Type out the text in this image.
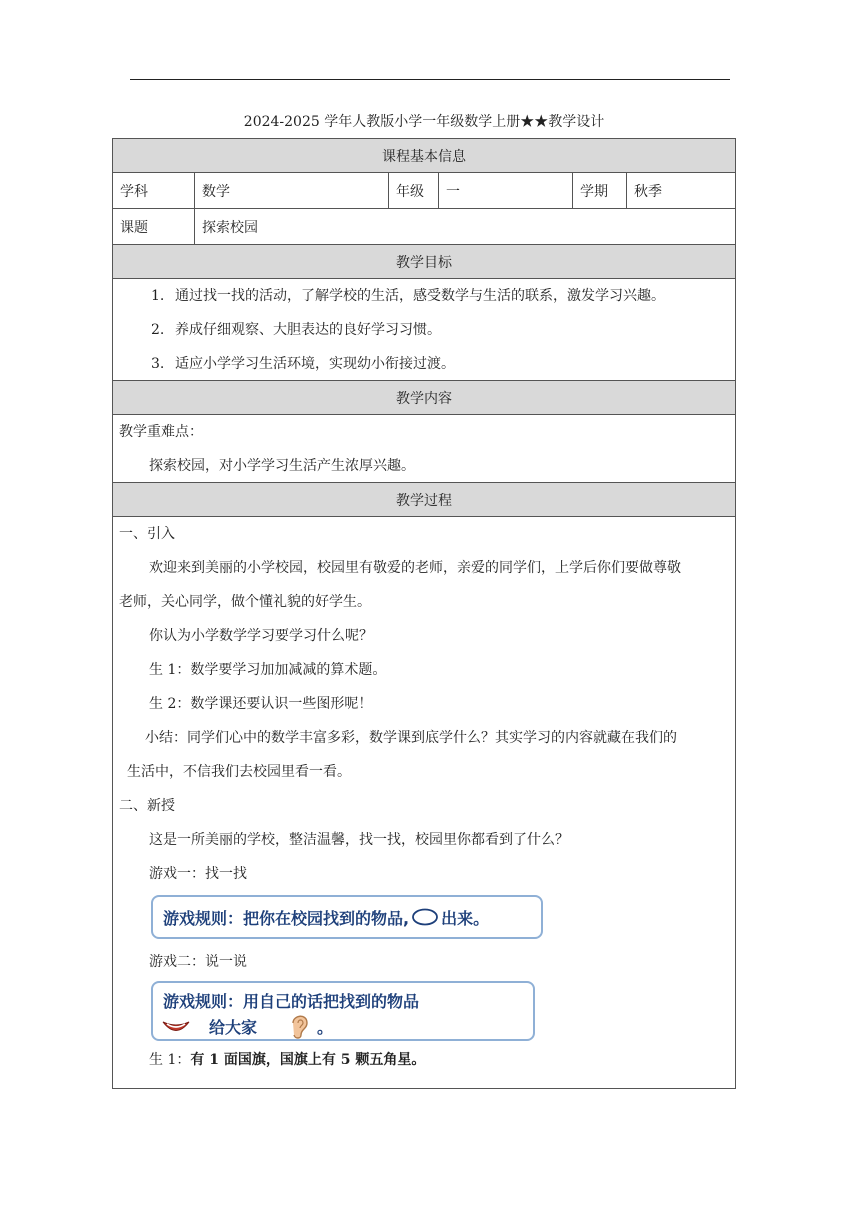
2024-2025 学年人教版小学一年级数学上册★★教学设计
课程基本信息
学科	数学	年级	一	学期	秋季
课题	探索校园
教学目标
1. 通过找一找的活动，了解学校的生活，感受数学与生活的联系，激发学习兴趣。
2. 养成仔细观察、大胆表达的良好学习习惯。
3. 适应小学学习生活环境，实现幼小衔接过渡。
教学内容
教学重难点：
探索校园，对小学学习生活产生浓厚兴趣。
教学过程
一、引入
欢迎来到美丽的小学校园，校园里有敬爱的老师，亲爱的同学们，上学后你们要做尊敬
老师，关心同学，做个懂礼貌的好学生。
你认为小学数学学习要学习什么呢？
生 1：数学要学习加加减减的算术题。
生 2：数学课还要认识一些图形呢！
小结：同学们心中的数学丰富多彩，数学课到底学什么？其实学习的内容就藏在我们的
生活中，不信我们去校园里看一看。
二、新授
这是一所美丽的学校，整洁温馨，找一找，校园里你都看到了什么？
游戏一：找一找
游戏规则：把你在校园找到的物品, ○ 出来。
游戏二：说一说
游戏规则：用自己的话把找到的物品
给大家	。
生 1：有 1 面国旗，国旗上有 5 颗五角星。
